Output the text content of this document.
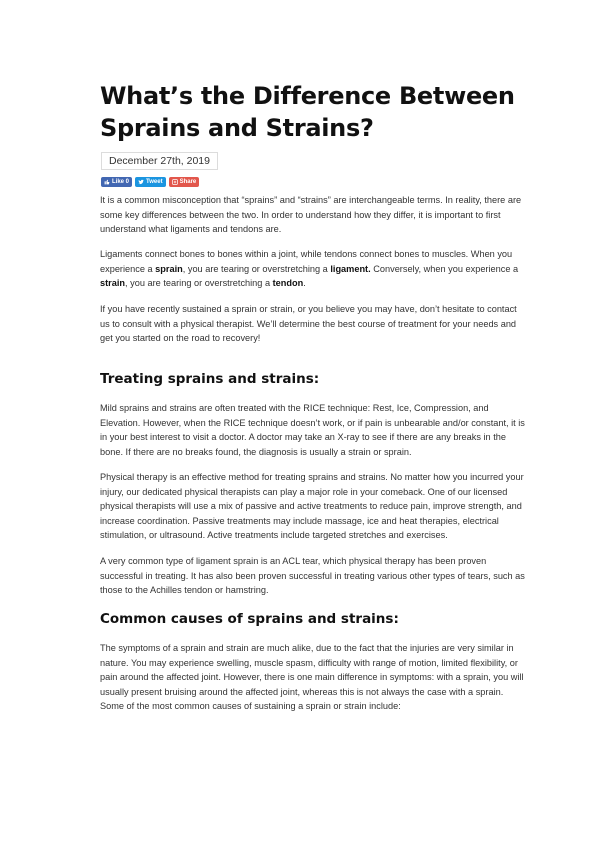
What’s the Difference Between Sprains and Strains?
December 27th, 2019
Like 0	Tweet	Share

It is a common misconception that “sprains” and “strains” are interchangeable terms. In reality, there are some key differences between the two. In order to understand how they differ, it is important to first understand what ligaments and tendons are.

Ligaments connect bones to bones within a joint, while tendons connect bones to muscles. When you experience a sprain, you are tearing or overstretching a ligament. Conversely, when you experience a strain, you are tearing or overstretching a tendon.

If you have recently sustained a sprain or strain, or you believe you may have, don’t hesitate to contact us to consult with a physical therapist. We’ll determine the best course of treatment for your needs and get you started on the road to recovery!

Treating sprains and strains:

Mild sprains and strains are often treated with the RICE technique: Rest, Ice, Compression, and Elevation. However, when the RICE technique doesn’t work, or if pain is unbearable and/or constant, it is in your best interest to visit a doctor. A doctor may take an X-ray to see if there are any breaks in the bone. If there are no breaks found, the diagnosis is usually a strain or sprain.

Physical therapy is an effective method for treating sprains and strains. No matter how you incurred your injury, our dedicated physical therapists can play a major role in your comeback. One of our licensed physical therapists will use a mix of passive and active treatments to reduce pain, improve strength, and increase coordination. Passive treatments may include massage, ice and heat therapies, electrical stimulation, or ultrasound. Active treatments include targeted stretches and exercises.

A very common type of ligament sprain is an ACL tear, which physical therapy has been proven successful in treating. It has also been proven successful in treating various other types of tears, such as those to the Achilles tendon or hamstring.

Common causes of sprains and strains:

The symptoms of a sprain and strain are much alike, due to the fact that the injuries are very similar in nature. You may experience swelling, muscle spasm, difficulty with range of motion, limited flexibility, or pain around the affected joint. However, there is one main difference in symptoms: with a sprain, you will usually present bruising around the affected joint, whereas this is not always the case with a sprain. Some of the most common causes of sustaining a sprain or strain include:
